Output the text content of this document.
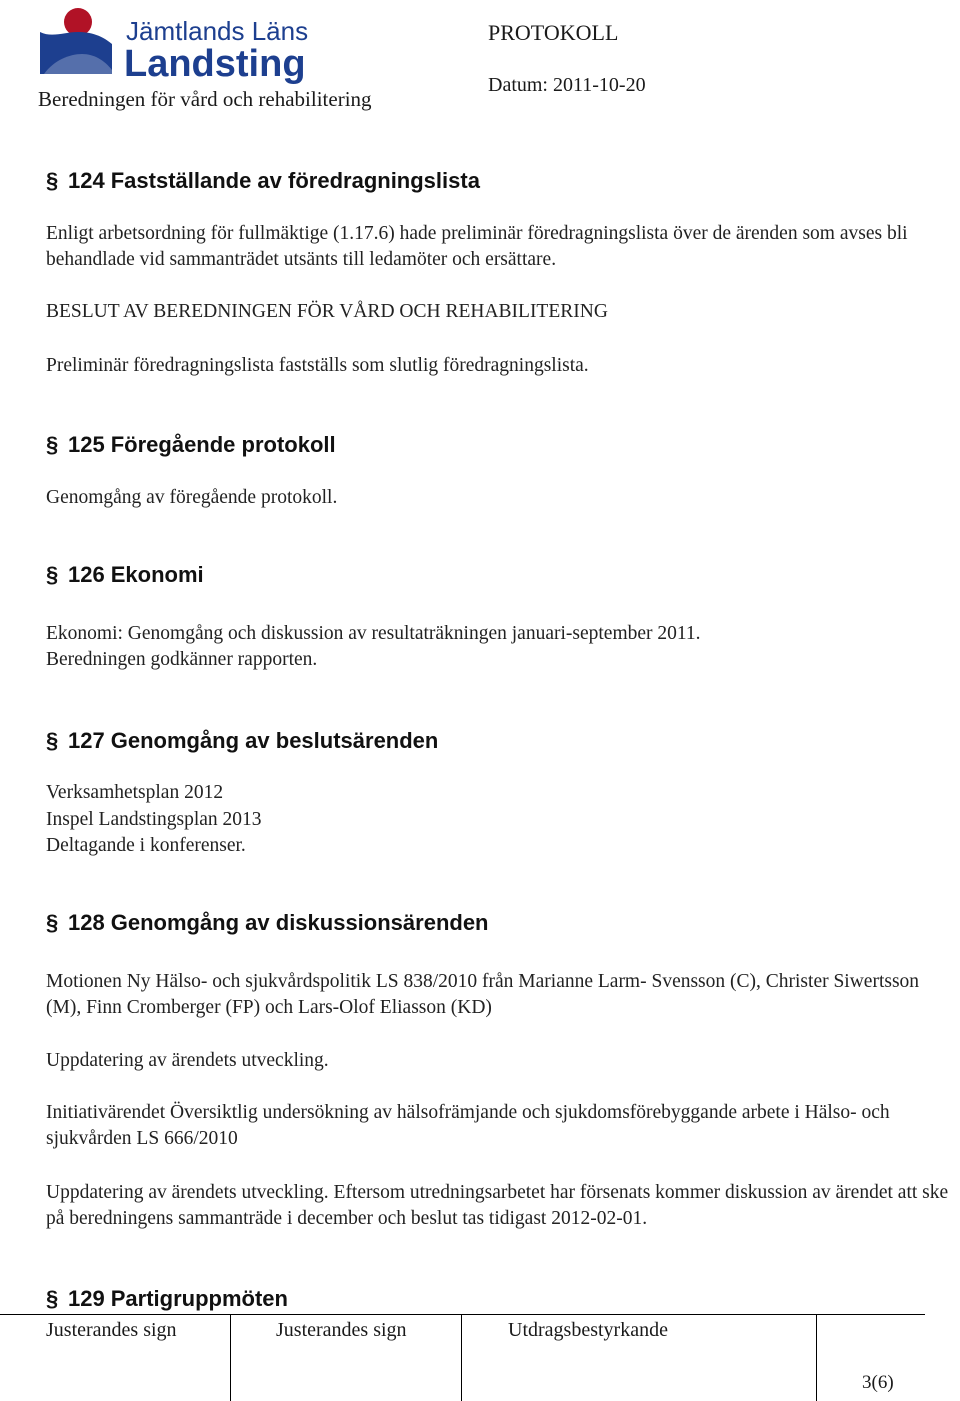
Jämtlands Läns
Landsting
Beredningen för vård och rehabilitering
PROTOKOLL
Datum: 2011-10-20
§ 124 Fastställande av föredragningslista
Enligt arbetsordning för fullmäktige (1.17.6) hade preliminär föredragningslista över de ärenden som avses bli behandlade vid sammanträdet utsänts till ledamöter och ersättare.
BESLUT AV BEREDNINGEN FÖR VÅRD OCH REHABILITERING
Preliminär föredragningslista fastställs som slutlig föredragningslista.
§ 125 Föregående protokoll
Genomgång av föregående protokoll.
§ 126 Ekonomi
Ekonomi: Genomgång och diskussion av resultaträkningen januari-september 2011.
Beredningen godkänner rapporten.
§ 127 Genomgång av beslutsärenden
Verksamhetsplan 2012
Inspel Landstingsplan 2013
Deltagande i konferenser.
§ 128 Genomgång av diskussionsärenden
Motionen Ny Hälso- och sjukvårdspolitik LS 838/2010 från Marianne Larm- Svensson (C), Christer Siwertsson (M), Finn Cromberger (FP) och Lars-Olof Eliasson (KD)
Uppdatering av ärendets utveckling.
Initiativärendet Översiktlig undersökning av hälsofrämjande och sjukdomsförebyggande arbete i Hälso- och sjukvården LS 666/2010
Uppdatering av ärendets utveckling. Eftersom utredningsarbetet har försenats kommer diskussion av ärendet att ske på beredningens sammanträde i december och beslut tas tidigast 2012-02-01.
§ 129 Partigruppmöten
Justerandes sign	Justerandes sign	Utdragsbestyrkande
3(6)
